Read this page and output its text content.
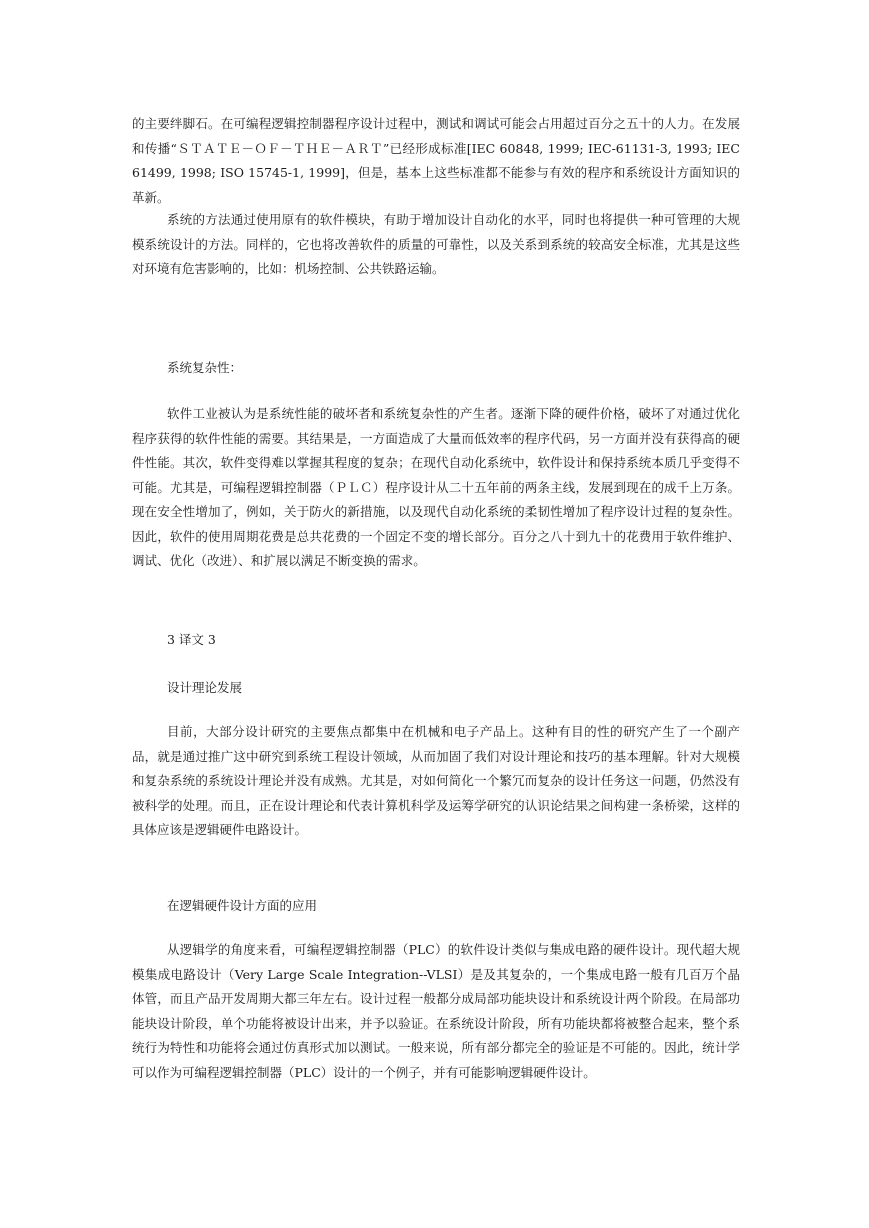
的主要绊脚石。在可编程逻辑控制器程序设计过程中，测试和调试可能会占用超过百分之五十的人力。在发展和传播“ＳＴＡＴＥ－ＯＦ－ＴＨＥ－ＡＲＴ”已经形成标准[IEC 60848, 1999; IEC-61131-3, 1993; IEC 61499, 1998; ISO 15745-1, 1999]，但是，基本上这些标准都不能参与有效的程序和系统设计方面知识的革新。

系统的方法通过使用原有的软件模块，有助于增加设计自动化的水平，同时也将提供一种可管理的大规模系统设计的方法。同样的，它也将改善软件的质量的可靠性，以及关系到系统的较高安全标准，尤其是这些对环境有危害影响的，比如：机场控制、公共铁路运输。

系统复杂性：

软件工业被认为是系统性能的破坏者和系统复杂性的产生者。逐渐下降的硬件价格，破坏了对通过优化程序获得的软件性能的需要。其结果是，一方面造成了大量而低效率的程序代码，另一方面并没有获得高的硬件性能。其次，软件变得难以掌握其程度的复杂；在现代自动化系统中，软件设计和保持系统本质几乎变得不可能。尤其是，可编程逻辑控制器（ＰＬＣ）程序设计从二十五年前的两条主线，发展到现在的成千上万条。现在安全性增加了，例如，关于防火的新措施，以及现代自动化系统的柔韧性增加了程序设计过程的复杂性。因此，软件的使用周期花费是总共花费的一个固定不变的增长部分。百分之八十到九十的花费用于软件维护、调试、优化（改进）、和扩展以满足不断变换的需求。

3 译文 3

设计理论发展

目前，大部分设计研究的主要焦点都集中在机械和电子产品上。这种有目的性的研究产生了一个副产品，就是通过推广这中研究到系统工程设计领域，从而加固了我们对设计理论和技巧的基本理解。针对大规模和复杂系统的系统设计理论并没有成熟。尤其是，对如何简化一个繁冗而复杂的设计任务这一问题，仍然没有被科学的处理。而且，正在设计理论和代表计算机科学及运筹学研究的认识论结果之间构建一条桥梁，这样的具体应该是逻辑硬件电路设计。

在逻辑硬件设计方面的应用

从逻辑学的角度来看，可编程逻辑控制器（PLC）的软件设计类似与集成电路的硬件设计。现代超大规模集成电路设计（Very Large Scale Integration--VLSI）是及其复杂的，一个集成电路一般有几百万个晶体管，而且产品开发周期大都三年左右。设计过程一般都分成局部功能块设计和系统设计两个阶段。在局部功能块设计阶段，单个功能将被设计出来，并予以验证。在系统设计阶段，所有功能块都将被整合起来，整个系统行为特性和功能将会通过仿真形式加以测试。一般来说，所有部分都完全的验证是不可能的。因此，统计学可以作为可编程逻辑控制器（PLC）设计的一个例子，并有可能影响逻辑硬件设计。
